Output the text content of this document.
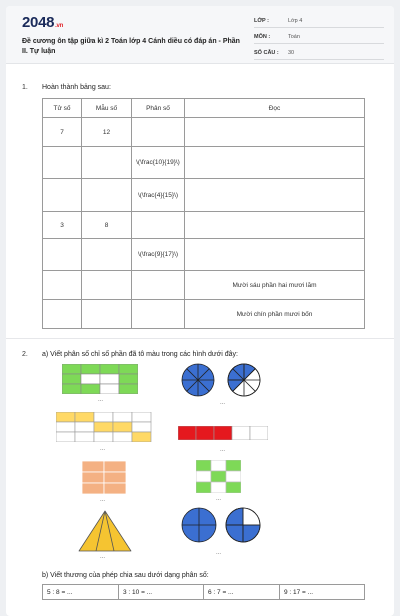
2048.vn
Đề cương ôn tập giữa kì 2 Toán lớp 4 Cánh diều có đáp án - Phần II. Tự luận
LỚP :	Lớp 4
MÔN :	Toán
SỐ CÂU : 30
1. Hoàn thành bảng sau:
Tử số	Mẫu số	Phân số	Đọc
7	12		
		\(\frac{10}{19}\)	
		\(\frac{4}{15}\)	
3	8		
		\(\frac{9}{17}\)	
			Mười sáu phần hai mươi lăm
			Mười chín phần mươi bốn
2. a) Viết phân số chỉ số phần đã tô màu trong các hình dưới đây:
...	...
...	...
...	...
...
...
b) Viết thương của phép chia sau dưới dạng phân số:
5 : 8 = ...	3 : 10 = ...	6 : 7 = ...	9 : 17 = ...
